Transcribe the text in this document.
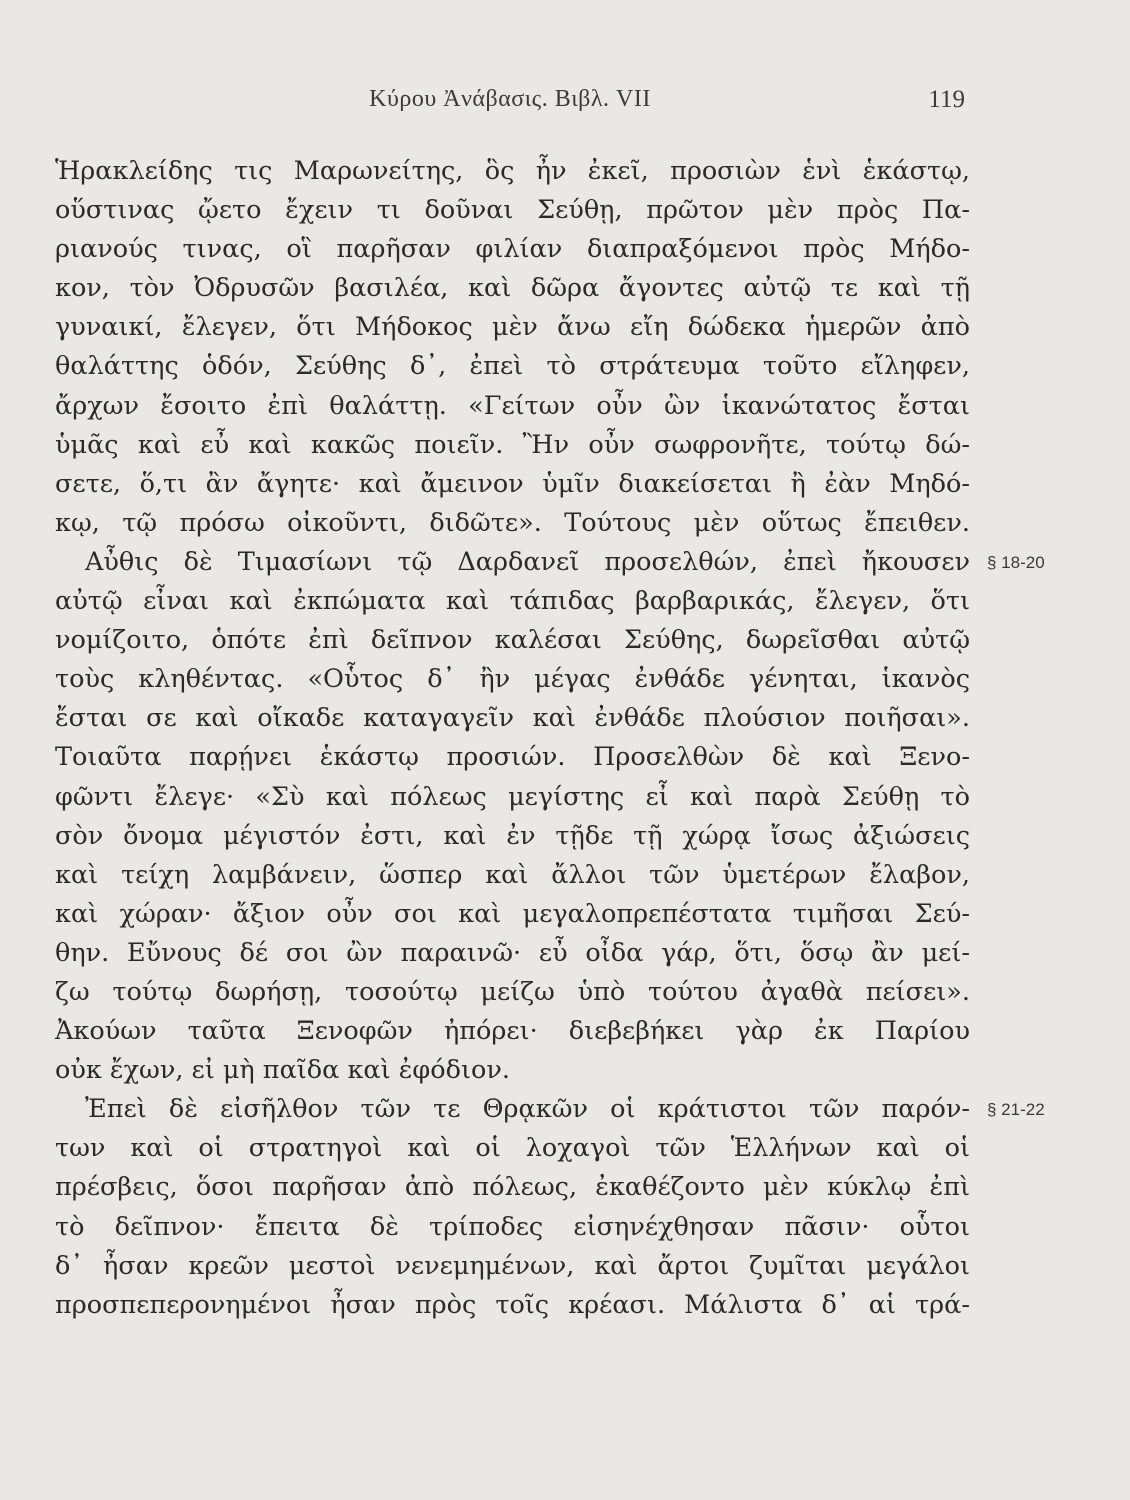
Κύρου Ἀνάβασις. Βιβλ. VII	119
Ἡρακλείδης τις Μαρωνείτης, ὃς ἦν ἐκεῖ, προσιὼν ἑνὶ ἑκάστῳ,
οὕστινας ᾤετο ἔχειν τι δοῦναι Σεύθῃ, πρῶτον μὲν πρὸς Πα-
ριανούς τινας, οἳ παρῆσαν φιλίαν διαπραξόμενοι πρὸς Μήδο-
κον, τὸν Ὀδρυσῶν βασιλέα, καὶ δῶρα ἄγοντες αὐτῷ τε καὶ τῇ
γυναικί, ἔλεγεν, ὅτι Μήδοκος μὲν ἄνω εἴη δώδεκα ἡμερῶν ἀπὸ
θαλάττης ὁδόν, Σεύθης δ᾽, ἐπεὶ τὸ στράτευμα τοῦτο εἴληφεν,
ἄρχων ἔσοιτο ἐπὶ θαλάττῃ. «Γείτων οὖν ὢν ἱκανώτατος ἔσται
ὑμᾶς καὶ εὖ καὶ κακῶς ποιεῖν. Ἢν οὖν σωφρονῆτε, τούτῳ δώ-
σετε, ὅ,τι ἂν ἄγητε· καὶ ἄμεινον ὑμῖν διακείσεται ἢ ἐὰν Μηδό-
κῳ, τῷ πρόσω οἰκοῦντι, διδῶτε». Τούτους μὲν οὕτως ἔπειθεν.
Αὖθις δὲ Τιμασίωνι τῷ Δαρδανεῖ προσελθών, ἐπεὶ ἤκουσεν § 18-20
αὐτῷ εἶναι καὶ ἐκπώματα καὶ τάπιδας βαρβαρικάς, ἔλεγεν, ὅτι
νομίζοιτο, ὁπότε ἐπὶ δεῖπνον καλέσαι Σεύθης, δωρεῖσθαι αὐτῷ
τοὺς κληθέντας. «Οὗτος δ᾽ ἢν μέγας ἐνθάδε γένηται, ἱκανὸς
ἔσται σε καὶ οἴκαδε καταγαγεῖν καὶ ἐνθάδε πλούσιον ποιῆσαι».
Τοιαῦτα παρῄνει ἑκάστῳ προσιών. Προσελθὼν δὲ καὶ Ξενο-
φῶντι ἔλεγε· «Σὺ καὶ πόλεως μεγίστης εἶ καὶ παρὰ Σεύθῃ τὸ
σὸν ὄνομα μέγιστόν ἐστι, καὶ ἐν τῇδε τῇ χώρᾳ ἴσως ἀξιώσεις
καὶ τείχη λαμβάνειν, ὥσπερ καὶ ἄλλοι τῶν ὑμετέρων ἔλαβον,
καὶ χώραν· ἄξιον οὖν σοι καὶ μεγαλοπρεπέστατα τιμῆσαι Σεύ-
θην. Εὔνους δέ σοι ὢν παραινῶ· εὖ οἶδα γάρ, ὅτι, ὅσῳ ἂν μεί-
ζω τούτῳ δωρήσῃ, τοσούτῳ μείζω ὑπὸ τούτου ἀγαθὰ πείσει».
Ἀκούων ταῦτα Ξενοφῶν ἠπόρει· διεβεβήκει γὰρ ἐκ Παρίου
οὐκ ἔχων, εἰ μὴ παῖδα καὶ ἐφόδιον.
Ἐπεὶ δὲ εἰσῆλθον τῶν τε Θρᾳκῶν οἱ κράτιστοι τῶν παρόν- § 21-22
των καὶ οἱ στρατηγοὶ καὶ οἱ λοχαγοὶ τῶν Ἑλλήνων καὶ οἱ
πρέσβεις, ὅσοι παρῆσαν ἀπὸ πόλεως, ἐκαθέζοντο μὲν κύκλῳ ἐπὶ
τὸ δεῖπνον· ἔπειτα δὲ τρίποδες εἰσηνέχθησαν πᾶσιν· οὗτοι
δ᾽ ἦσαν κρεῶν μεστοὶ νενεμημένων, καὶ ἄρτοι ζυμῖται μεγάλοι
προσπεπερονημένοι ἦσαν πρὸς τοῖς κρέασι. Μάλιστα δ᾽ αἱ τρά-
